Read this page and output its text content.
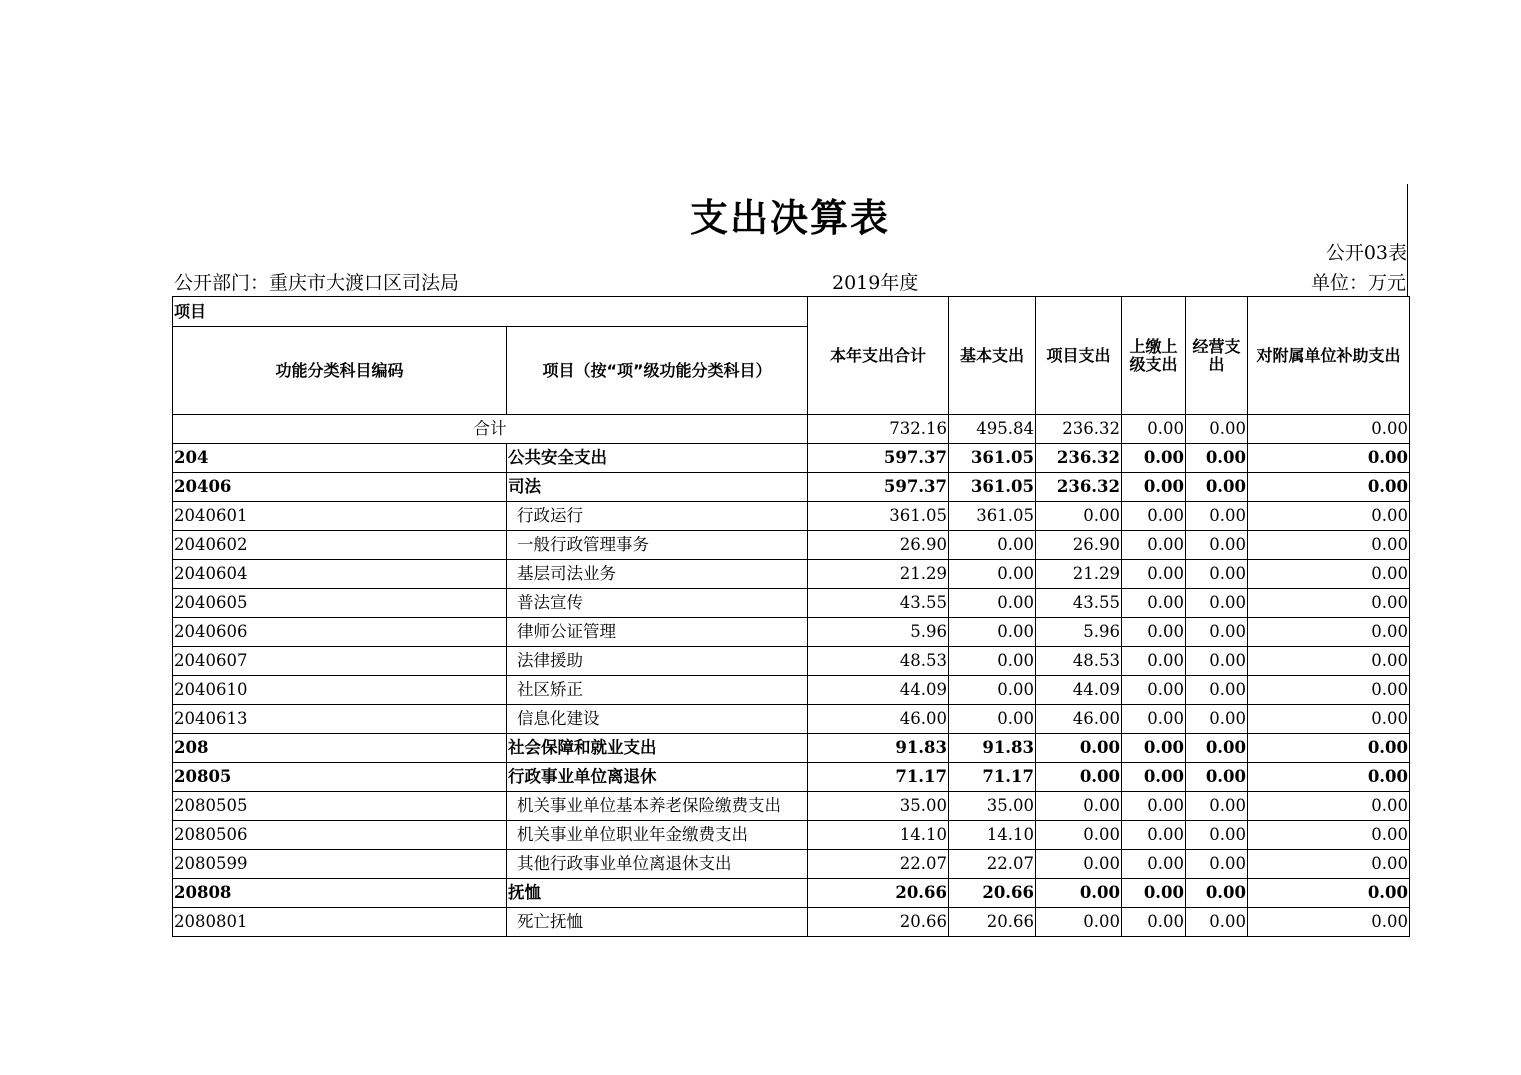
支出决算表
公开03表
公开部门：重庆市大渡口区司法局	2019年度	单位：万元
项目		本年支出合计	基本支出	项目支出	上缴上级支出	经营支出	对附属单位补助支出
功能分类科目编码	项目（按“项”级功能分类科目）						
合计		732.16	495.84	236.32	0.00	0.00	0.00
204	公共安全支出	597.37	361.05	236.32	0.00	0.00	0.00
20406	司法	597.37	361.05	236.32	0.00	0.00	0.00
2040601	行政运行	361.05	361.05	0.00	0.00	0.00	0.00
2040602	一般行政管理事务	26.90	0.00	26.90	0.00	0.00	0.00
2040604	基层司法业务	21.29	0.00	21.29	0.00	0.00	0.00
2040605	普法宣传	43.55	0.00	43.55	0.00	0.00	0.00
2040606	律师公证管理	5.96	0.00	5.96	0.00	0.00	0.00
2040607	法律援助	48.53	0.00	48.53	0.00	0.00	0.00
2040610	社区矫正	44.09	0.00	44.09	0.00	0.00	0.00
2040613	信息化建设	46.00	0.00	46.00	0.00	0.00	0.00
208	社会保障和就业支出	91.83	91.83	0.00	0.00	0.00	0.00
20805	行政事业单位离退休	71.17	71.17	0.00	0.00	0.00	0.00
2080505	机关事业单位基本养老保险缴费支出	35.00	35.00	0.00	0.00	0.00	0.00
2080506	机关事业单位职业年金缴费支出	14.10	14.10	0.00	0.00	0.00	0.00
2080599	其他行政事业单位离退休支出	22.07	22.07	0.00	0.00	0.00	0.00
20808	抚恤	20.66	20.66	0.00	0.00	0.00	0.00
2080801	死亡抚恤	20.66	20.66	0.00	0.00	0.00	0.00
